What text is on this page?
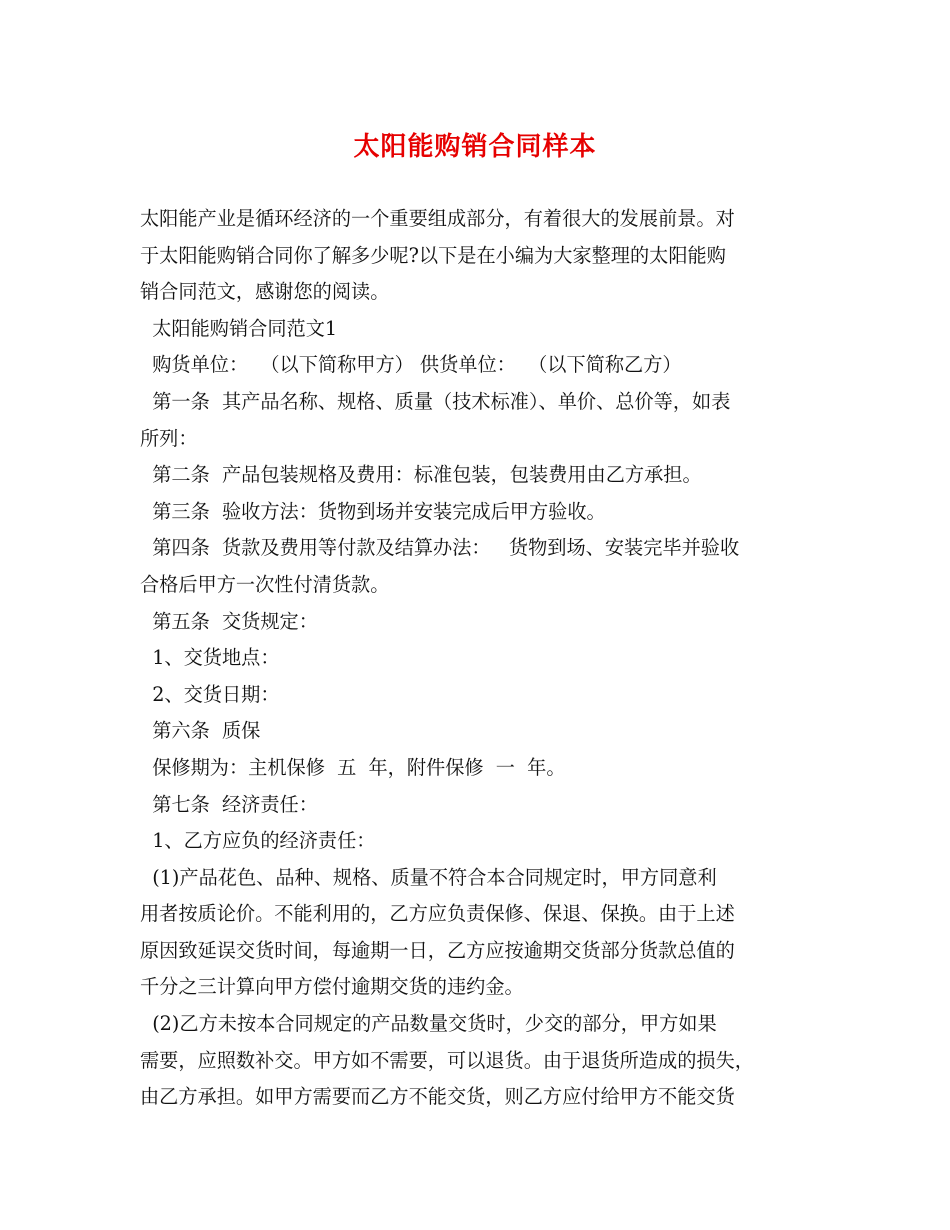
太阳能购销合同样本

太阳能产业是循环经济的一个重要组成部分，有着很大的发展前景。对

于太阳能购销合同你了解多少呢?以下是在小编为大家整理的太阳能购

销合同范文，感谢您的阅读。

太阳能购销合同范文1

购货单位：  （以下简称甲方） 供货单位：  （以下简称乙方）

第一条  其产品名称、规格、质量（技术标准）、单价、总价等，如表

所列：

第二条  产品包装规格及费用：标准包装，包装费用由乙方承担。

第三条  验收方法：货物到场并安装完成后甲方验收。

第四条  货款及费用等付款及结算办法：   货物到场、安装完毕并验收

合格后甲方一次性付清货款。

第五条  交货规定：

1、交货地点：

2、交货日期：

第六条  质保

保修期为：主机保修  五  年，附件保修  一  年。

第七条  经济责任：

1、乙方应负的经济责任：

(1)产品花色、品种、规格、质量不符合本合同规定时，甲方同意利

用者按质论价。不能利用的，乙方应负责保修、保退、保换。由于上述

原因致延误交货时间，每逾期一日，乙方应按逾期交货部分货款总值的

千分之三计算向甲方偿付逾期交货的违约金。

(2)乙方未按本合同规定的产品数量交货时，少交的部分，甲方如果

需要，应照数补交。甲方如不需要，可以退货。由于退货所造成的损失，

由乙方承担。如甲方需要而乙方不能交货，则乙方应付给甲方不能交货
